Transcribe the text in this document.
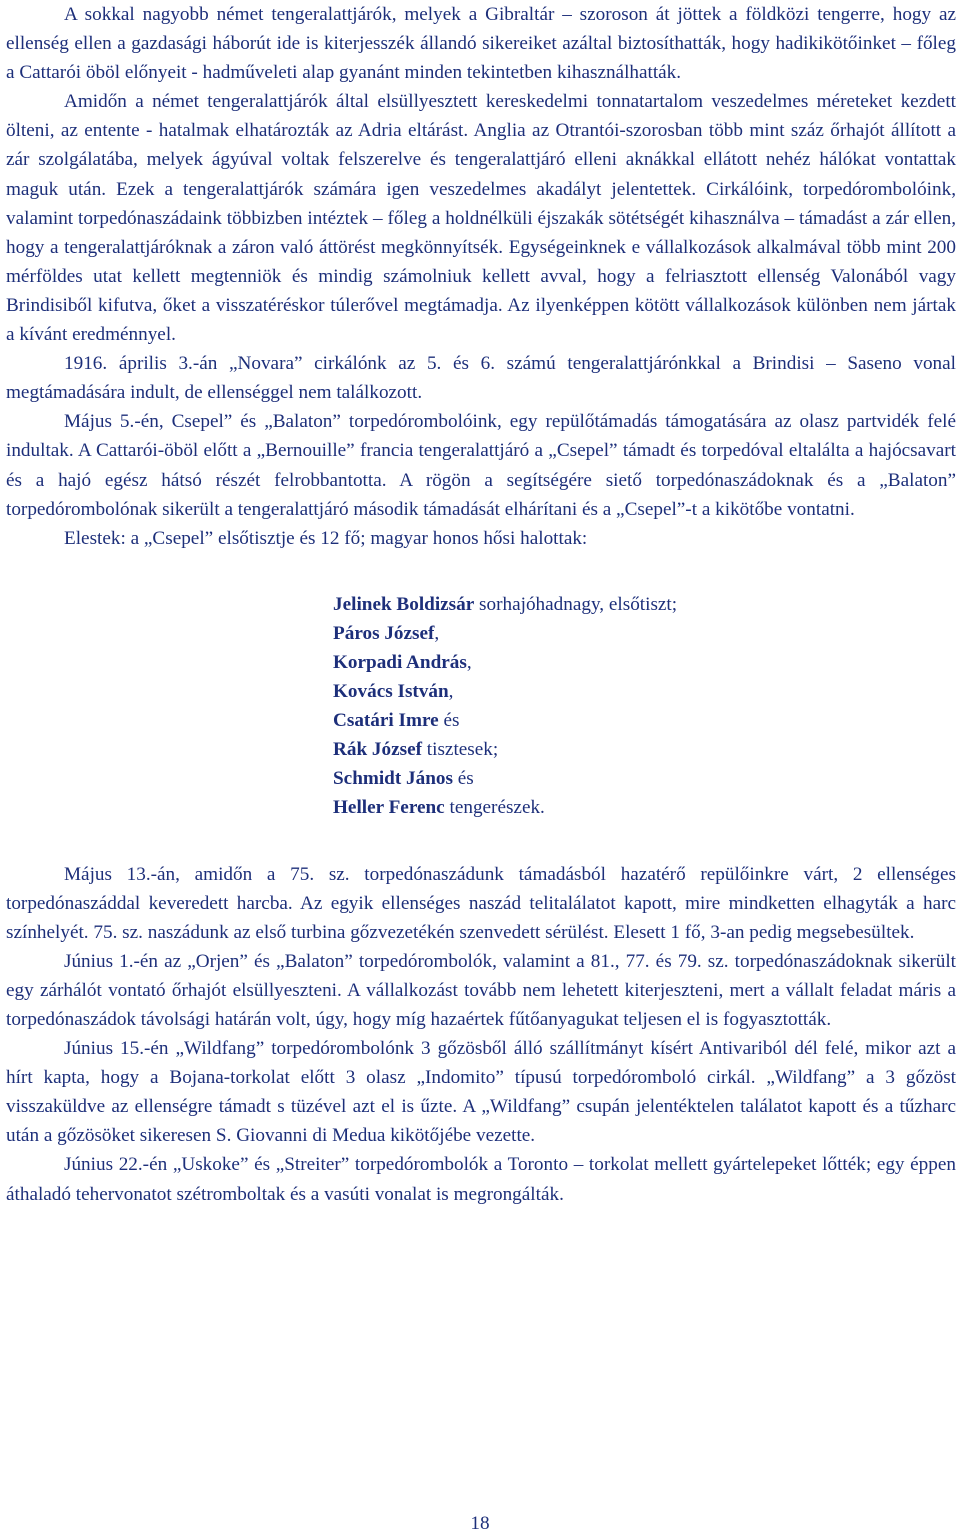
A sokkal nagyobb német tengeralattjárók, melyek a Gibraltár – szoroson át jöttek a földközi tengerre, hogy az ellenség ellen a gazdasági háborút ide is kiterjesszék állandó sikereiket azáltal biztosíthatták, hogy hadikikötőinket – főleg a Cattarói öböl előnyeit - hadműveleti alap gyanánt minden tekintetben kihasználhatták.

Amidőn a német tengeralattjárók által elsüllyesztett kereskedelmi tonnatartalom veszedelmes méreteket kezdett ölteni, az entente - hatalmak elhatározták az Adria eltárást. Anglia az Otrantói-szorosban több mint száz őrhajót állított a zár szolgálatába, melyek ágyúval voltak felszerelve és tengeralattjáró elleni aknákkal ellátott nehéz hálókat vontattak maguk után. Ezek a tengeralattjárók számára igen veszedelmes akadályt jelentettek. Cirkálóink, torpedórombolóink, valamint torpedónaszádaink többizben intéztek – főleg a holdnélküli éjszakák sötétségét kihasználva – támadást a zár ellen, hogy a tengeralattjáróknak a záron való áttörést megkönnyítsék. Egységeinknek e vállalkozások alkalmával több mint 200 mérföldes utat kellett megtenniök és mindig számolniuk kellett avval, hogy a felriasztott ellenség Valonából vagy Brindisiből kifutva, őket a visszatéréskor túlerővel megtámadja. Az ilyenképpen kötött vállalkozások különben nem jártak a kívánt eredménnyel.

1916. április 3.-án „Novara” cirkálónk az 5. és 6. számú tengeralattjárónkkal a Brindisi – Saseno vonal megtámadására indult, de ellenséggel nem találkozott.

Május 5.-én, Csepel” és „Balaton” torpedórombolóink, egy repülőtámadás támogatására az olasz partvidék felé indultak. A Cattarói-öböl előtt a „Bernouille” francia tengeralattjáró a „Csepel” támadt és torpedóval eltalálta a hajócsavart és a hajó egész hátsó részét felrobbantotta. A rögön a segítségére siető torpedónaszádoknak és a „Balaton” torpedórombolónak sikerült a tengeralattjáró második támadását elhárítani és a „Csepel”-t a kikötőbe vontatni.

Elestek: a „Csepel” elsőtisztje és 12 fő; magyar honos hősi halottak:

Jelinek Boldizsár sorhajóhadnagy, elsőtiszt;
Páros József,
Korpadi András,
Kovács István,
Csatári Imre és
Rák József tisztesek;
Schmidt János és
Heller Ferenc tengerészek.

Május 13.-án, amidőn a 75. sz. torpedónaszádunk támadásból hazatérő repülőinkre várt, 2 ellenséges torpedónaszáddal keveredett harcba. Az egyik ellenséges naszád telitalálatot kapott, mire mindketten elhagyták a harc színhelyét. 75. sz. naszádunk az első turbina gőzvezetékén szenvedett sérülést. Elesett 1 fő, 3-an pedig megsebesültek.

Június 1.-én az „Orjen” és „Balaton” torpedórombolók, valamint a 81., 77. és 79. sz. torpedónaszádoknak sikerült egy zárhálót vontató őrhajót elsüllyeszteni. A vállalkozást tovább nem lehetett kiterjeszteni, mert a vállalt feladat máris a torpedónaszádok távolsági határán volt, úgy, hogy míg hazaértek fűtőanyagukat teljesen el is fogyasztották.

Június 15.-én „Wildfang” torpedórombolónk 3 gőzösből álló szállítmányt kísért Antivariból dél felé, mikor azt a hírt kapta, hogy a Bojana-torkolat előtt 3 olasz „Indomito” típusú torpedóromboló cirkál. „Wildfang” a 3 gőzöst visszaküldve az ellenségre támadt s tüzével azt el is űzte. A „Wildfang” csupán jelentéktelen találatot kapott és a tűzharc után a gőzösöket sikeresen S. Giovanni di Medua kikötőjébe vezette.

Június 22.-én „Uskoke” és „Streiter” torpedórombolók a Toronto – torkolat mellett gyártelepeket lőtték; egy éppen áthaladó tehervonatot szétromboltak és a vasúti vonalat is megrongálták.

18
